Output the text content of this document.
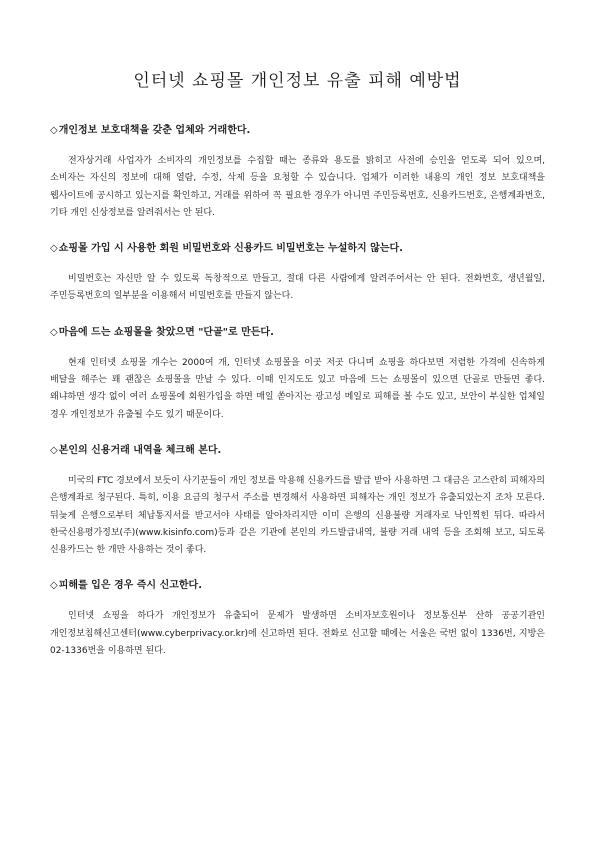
인터넷 쇼핑몰 개인정보 유출 피해 예방법

◇개인정보 보호대책을 갖춘 업체와 거래한다.

전자상거래 사업자가 소비자의 개인정보를 수집할 때는 종류와 용도를 밝히고 사전에 승인을 얻도록 되어 있으며, 소비자는 자신의 정보에 대해 열람, 수정, 삭제 등을 요청할 수 있습니다. 업체가 이러한 내용의 개인 정보 보호대책을 웹사이트에 공시하고 있는지를 확인하고, 거래를 위하여 꼭 필요한 경우가 아니면 주민등록번호, 신용카드번호, 은행계좌번호, 기타 개인 신상정보를 알려줘서는 안 된다.

◇쇼핑몰 가입 시 사용한 회원 비밀번호와 신용카드 비밀번호는 누설하지 않는다.

비밀번호는 자신만 알 수 있도록 독창적으로 만들고, 절대 다른 사람에게 알려주어서는 안 된다. 전화번호, 생년월일, 주민등록번호의 일부분을 이용해서 비밀번호를 만들지 않는다.

◇마음에 드는 쇼핑몰을 찾았으면 "단골"로 만든다.

현재 인터넷 쇼핑몰 개수는 2000여 개, 인터넷 쇼핑몰을 이곳 저곳 다니며 쇼핑을 하다보면 저렴한 가격에 신속하게 배달을 해주는 꽤 괜찮은 쇼핑몰을 만날 수 있다. 이때 인지도도 있고 마음에 드는 쇼핑몰이 있으면 단골로 만들면 좋다. 왜냐하면 생각 없이 여러 쇼핑몰에 회원가입을 하면 매일 쏟아지는 광고성 메일로 피해를 볼 수도 있고, 보안이 부실한 업체일 경우 개인정보가 유출될 수도 있기 때문이다.

◇본인의 신용거래 내역을 체크해 본다.

미국의 FTC 경보에서 보듯이 사기꾼들이 개인 정보를 악용해 신용카드를 발급 받아 사용하면 그 대금은 고스란히 피해자의 은행계좌로 청구된다. 특히, 이용 요금의 청구서 주소를 변경해서 사용하면 피해자는 개인 정보가 유출되었는지 조차 모른다. 뒤늦게 은행으로부터 체납통지서를 받고서야 사태를 알아차리지만 이미 은행의 신용불량 거래자로 낙인찍힌 뒤다. 따라서 한국신용평가정보(주)(www.kisinfo.com)등과 같은 기관에 본인의 카드발급내역, 불량 거래 내역 등을 조회해 보고, 되도록 신용카드는 한 개만 사용하는 것이 좋다.

◇피해를 입은 경우 즉시 신고한다.

인터넷 쇼핑을 하다가 개인정보가 유출되어 문제가 발생하면 소비자보호원이나 정보통신부 산하 공공기관인 개인정보침해신고센터(www.cyberprivacy.or.kr)에 신고하면 된다. 전화로 신고할 때에는 서울은 국번 없이 1336번, 지방은 02-1336번을 이용하면 된다.
